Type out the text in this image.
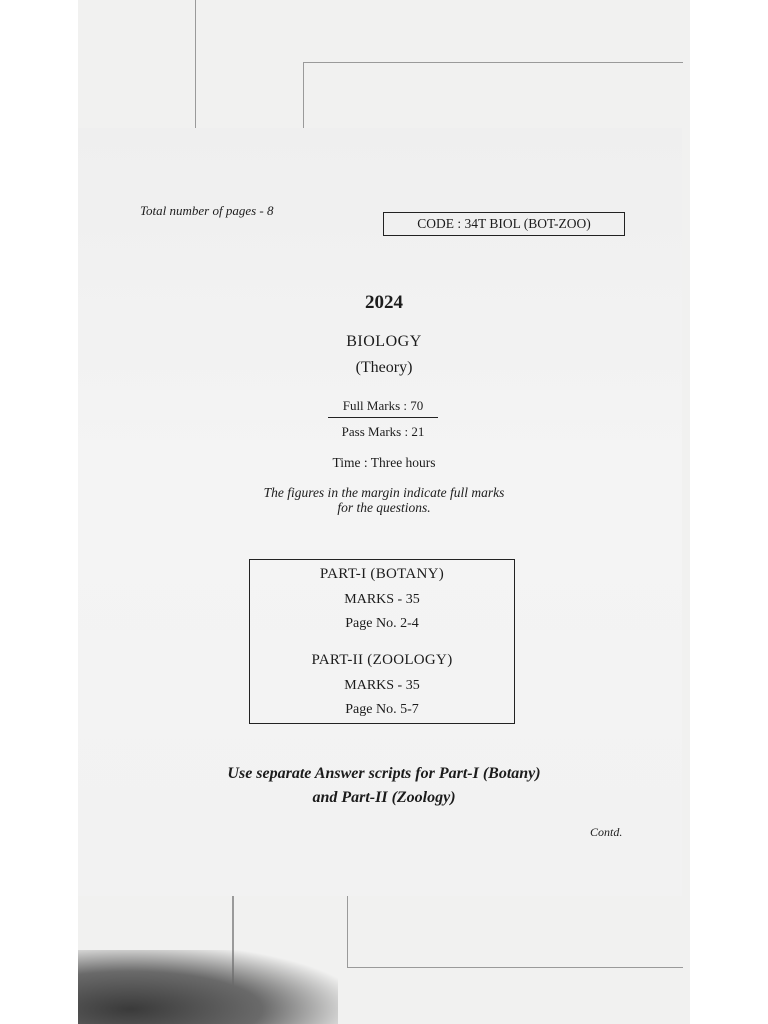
Total number of pages - 8
CODE : 34T BIOL (BOT-ZOO)
2024
BIOLOGY
(Theory)
Full Marks : 70
Pass Marks : 21
Time : Three hours
The figures in the margin indicate full marks
for the questions.
PART-I (BOTANY)
MARKS - 35
Page No. 2-4
PART-II (ZOOLOGY)
MARKS - 35
Page No. 5-7
Use separate Answer scripts for Part-I (Botany)
and Part-II (Zoology)
Contd.
